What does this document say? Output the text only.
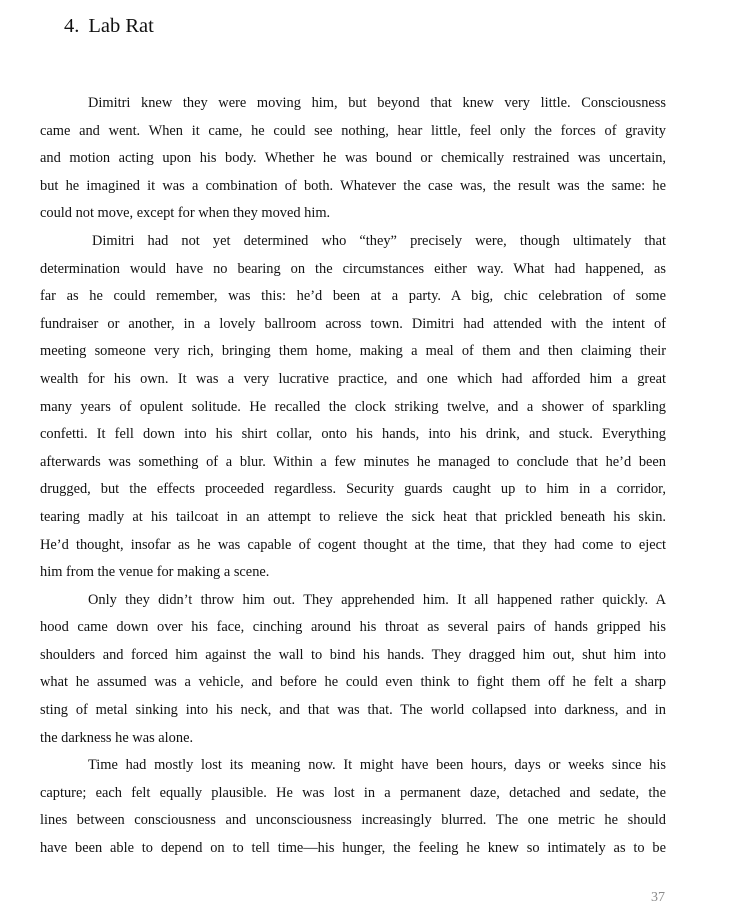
4. Lab Rat
Dimitri knew they were moving him, but beyond that knew very little. Consciousness
came and went. When it came, he could see nothing, hear little, feel only the forces of gravity
and motion acting upon his body. Whether he was bound or chemically restrained was uncertain,
but he imagined it was a combination of both. Whatever the case was, the result was the same: he
could not move, except for when they moved him.
Dimitri had not yet determined who “they” precisely were, though ultimately that
determination would have no bearing on the circumstances either way. What had happened, as
far as he could remember, was this: he’d been at a party. A big, chic celebration of some
fundraiser or another, in a lovely ballroom across town. Dimitri had attended with the intent of
meeting someone very rich, bringing them home, making a meal of them and then claiming their
wealth for his own. It was a very lucrative practice, and one which had afforded him a great
many years of opulent solitude. He recalled the clock striking twelve, and a shower of sparkling
confetti. It fell down into his shirt collar, onto his hands, into his drink, and stuck. Everything
afterwards was something of a blur. Within a few minutes he managed to conclude that he’d been
drugged, but the effects proceeded regardless. Security guards caught up to him in a corridor,
tearing madly at his tailcoat in an attempt to relieve the sick heat that prickled beneath his skin.
He’d thought, insofar as he was capable of cogent thought at the time, that they had come to eject
him from the venue for making a scene.
Only they didn’t throw him out. They apprehended him. It all happened rather quickly. A
hood came down over his face, cinching around his throat as several pairs of hands gripped his
shoulders and forced him against the wall to bind his hands. They dragged him out, shut him into
what he assumed was a vehicle, and before he could even think to fight them off he felt a sharp
sting of metal sinking into his neck, and that was that. The world collapsed into darkness, and in
the darkness he was alone.
Time had mostly lost its meaning now. It might have been hours, days or weeks since his
capture; each felt equally plausible. He was lost in a permanent daze, detached and sedate, the
lines between consciousness and unconsciousness increasingly blurred. The one metric he should
have been able to depend on to tell time—his hunger, the feeling he knew so intimately as to be
37
